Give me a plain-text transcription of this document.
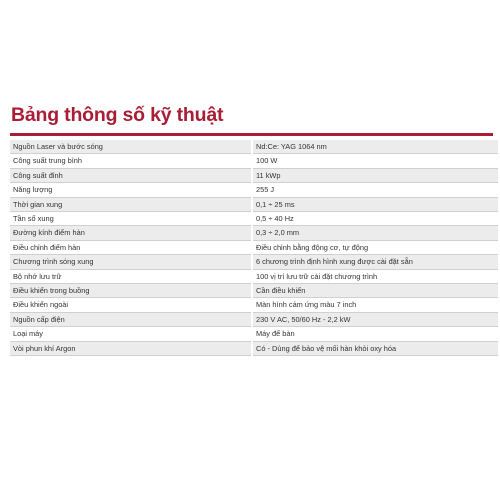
Bảng thông số kỹ thuật
Nguồn Laser và bước sóng	Nd:Ce: YAG 1064 nm
Công suất trung bình	100 W
Công suất đỉnh	11 kWp
Năng lượng	255 J
Thời gian xung	0,1 ÷ 25 ms
Tần số xung	0,5 ÷ 40 Hz
Đường kính điểm hàn	0,3 ÷ 2,0 mm
Điều chỉnh điểm hàn	Điều chỉnh bằng động cơ, tự động
Chương trình sóng xung	6 chương trình định hình xung được cài đặt sẵn
Bộ nhớ lưu trữ	100 vị trí lưu trữ cài đặt chương trình
Điều khiển trong buồng	Cần điều khiển
Điều khiển ngoài	Màn hình cảm ứng màu 7 inch
Nguồn cấp điện	230 V AC, 50/60 Hz - 2,2 kW
Loại máy	Máy để bàn
Vòi phun khí Argon	Có - Dùng để bảo vệ mối hàn khỏi oxy hóa
